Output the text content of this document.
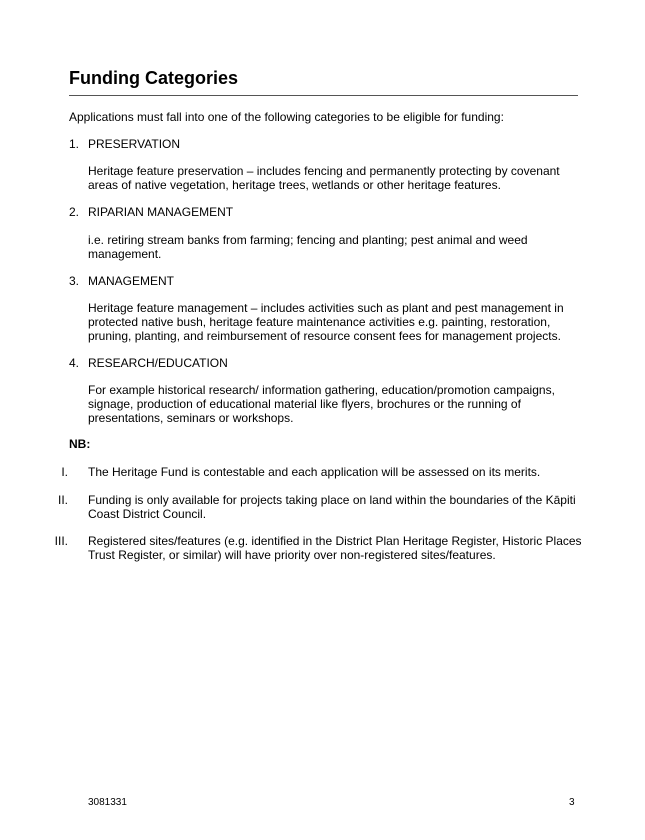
Funding Categories

Applications must fall into one of the following categories to be eligible for funding:

1. PRESERVATION

Heritage feature preservation – includes fencing and permanently protecting by covenant areas of native vegetation, heritage trees, wetlands or other heritage features.

2. RIPARIAN MANAGEMENT

i.e. retiring stream banks from farming; fencing and planting; pest animal and weed management.

3. MANAGEMENT

Heritage feature management – includes activities such as plant and pest management in protected native bush, heritage feature maintenance activities e.g. painting, restoration, pruning, planting, and reimbursement of resource consent fees for management projects.

4. RESEARCH/EDUCATION

For example historical research/ information gathering, education/promotion campaigns, signage, production of educational material like flyers, brochures or the running of presentations, seminars or workshops.

NB:

I. The Heritage Fund is contestable and each application will be assessed on its merits.

II. Funding is only available for projects taking place on land within the boundaries of the Kāpiti Coast District Council.

III. Registered sites/features (e.g. identified in the District Plan Heritage Register, Historic Places Trust Register, or similar) will have priority over non-registered sites/features.

3081331	3
